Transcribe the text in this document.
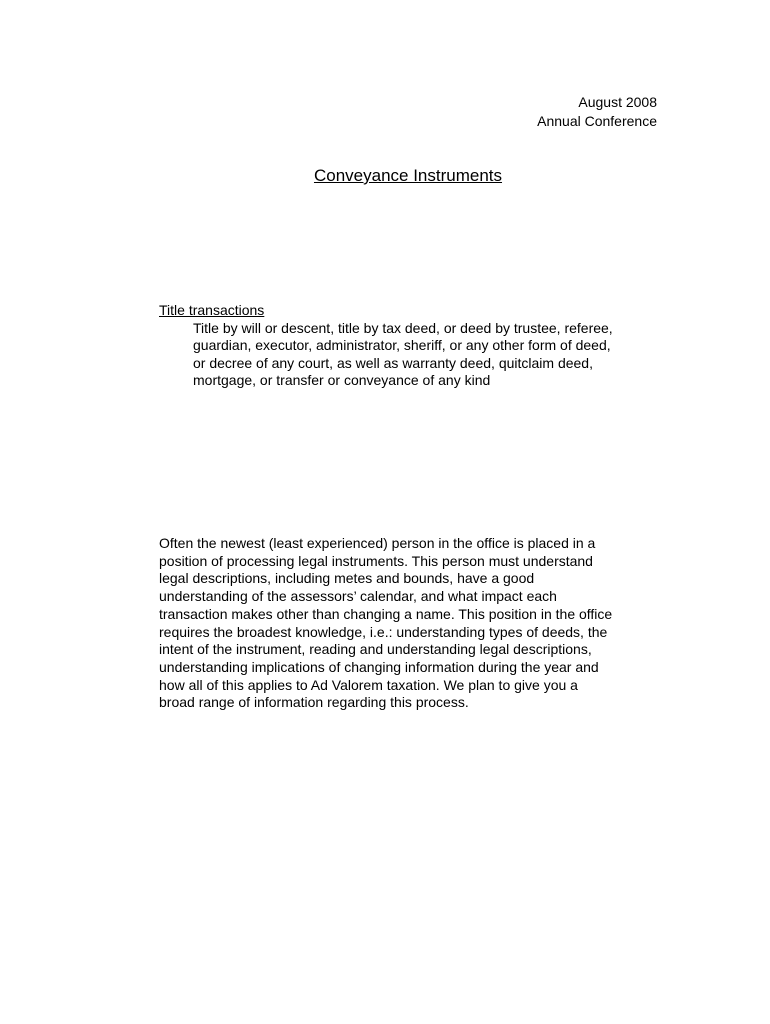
August 2008
Annual Conference
Conveyance Instruments
Title transactions
Title by will or descent, title by tax deed, or deed by trustee, referee,
guardian, executor, administrator, sheriff, or any other form of deed,
or decree of any court, as well as warranty deed, quitclaim deed,
mortgage, or transfer or conveyance of any kind
Often the newest (least experienced) person in the office is placed in a
position of processing legal instruments. This person must understand
legal descriptions, including metes and bounds, have a good
understanding of the assessors’ calendar, and what impact each
transaction makes other than changing a name. This position in the office
requires the broadest knowledge, i.e.: understanding types of deeds, the
intent of the instrument, reading and understanding legal descriptions,
understanding implications of changing information during the year and
how all of this applies to Ad Valorem taxation. We plan to give you a
broad range of information regarding this process.
